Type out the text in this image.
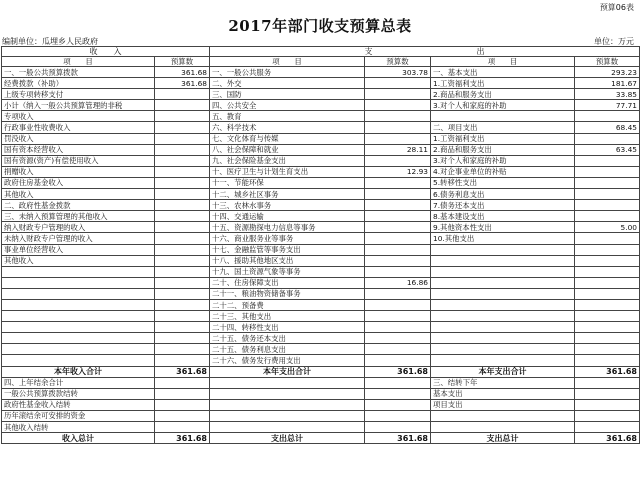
预算06表
2017年部门收支预算总表
编制单位：瓜埋乡人民政府	单位：万元
收　　入		支　　　　　　　　　　　　　出			
项　　目	预算数	项　　目	预算数	项　　目	预算数
一、一般公共预算拨款	361.68	一、一般公共服务	303.78	一、基本支出	293.23
经费拨款（补助）	361.68	二、外交		1.工资福利支出	181.67
上级专项转移支付		三、国防		2.商品和服务支出	33.85
小计（纳入一般公共预算管理的非税		四、公共安全		3.对个人和家庭的补助	77.71
专项收入		五、教育			
行政事业性收费收入		六、科学技术		二、项目支出	68.45
罚没收入		七、文化体育与传媒		1.工资福利支出	
国有资本经营收入		八、社会保障和就业	28.11	2.商品和服务支出	63.45
国有资源(资产)有偿使用收入		九、社会保险基金支出		3.对个人和家庭的补助	
捐赠收入		十、医疗卫生与计划生育支出	12.93	4.对企事业单位的补贴	
政府住房基金收入		十一、节能环保		5.转移性支出	
其他收入		十二、城乡社区事务		6.债务利息支出	
二、政府性基金拨款		十三、农林水事务		7.债务还本支出	
三、未纳入预算管理的其他收入		十四、交通运输		8.基本建设支出	
纳入财政专户管理的收入		十五、资源勘探电力信息等事务		9.其他资本性支出	5.00
未纳入财政专户管理的收入		十六、商业服务业等事务		10.其他支出	
事业单位经营收入		十七、金融监管等事务支出			
其他收入		十八、援助其他地区支出			
		十九、国土资源气象等事务			
		二十、住房保障支出	16.86		
		二十一、粮油物资储备事务			
		二十二、预备费			
		二十三、其他支出			
		二十四、转移性支出			
		二十五、债务还本支出			
		二十五、债务利息支出			
		二十六、债务发行费用支出			
本年收入合计	361.68	本年支出合计	361.68	本年支出合计	361.68
四、上年结余合计				三、结转下年	
一般公共预算拨款结转				基本支出	
政府性基金收入结转				项目支出	
历年滚结余可安排的资金					
其他收入结转					
收入总计	361.68	支出总计	361.68	支出总计	361.68
